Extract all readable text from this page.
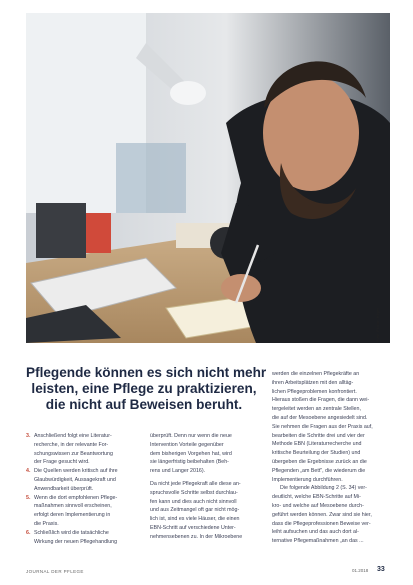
Foto: Florian Hilger
Pflegende können es sich nicht mehr
leisten, eine Pflege zu praktizieren,
die nicht auf Beweisen beruht.
3. Anschließend folgt eine Literatur-
recherche, in der relevante For-
schungswissen zur Beantwortung
der Frage gesucht wird.
4. Die Quellen werden kritisch auf ihre
Glaubwürdigkeit, Aussagekraft und
Anwendbarkeit überprüft.
5. Wenn die dort empfohlenen Pflege-
maßnahmen sinnvoll erscheinen,
erfolgt deren Implementierung in
die Praxis.
6. Schließlich wird die tatsächliche
Wirkung der neuen Pflegehandlung
überprüft. Denn nur wenn die neue
Intervention Vorteile gegenüber
dem bisherigen Vorgehen hat, wird
sie längerfristig beibehalten (Beh-
rens und Langer 2016).
Da nicht jede Pflegekraft alle diese an-
spruchsvolle Schritte selbst durchlau-
fen kann und dies auch nicht sinnvoll
und aus Zeitmangel oft gar nicht mög-
lich ist, sind es viele Häuser, die einen
EBN-Schritt auf verschiedene Unter-
nehmensebenen zu. In der Mikroebene
werden die einzelnen Pflegekräfte an
ihren Arbeitsplätzen mit den alltäg-
lichen Pflegeproblemen konfrontiert.
Hieraus stoßen die Fragen, die dann wei-
tergeleitet werden an zentrale Stellen,
die auf der Mesoebene angesiedelt sind.
Sie nehmen die Fragen aus der Praxis auf,
bearbeiten die Schritte drei und vier der
Methode EBN (Literaturrecherche und
kritische Beurteilung der Studien) und
übergeben die Ergebnisse zurück an die
Pflegenden „am Bett", die wiederum die
Implementierung durchführen.
Die folgende Abbildung 2 (S. 34) ver-
deutlicht, welche EBN-Schritte auf Mi-
kro- und welche auf Mesoebene durch-
geführt werden können. Zwar sind sie hier,
dass die Pflegeprofessionen Beweise ver-
leiht aufsuchen und das auch dort al-
ternative Pflegemaßnahmen „an das ...
JOURNAL DER PFLEGE	01.2018 33
